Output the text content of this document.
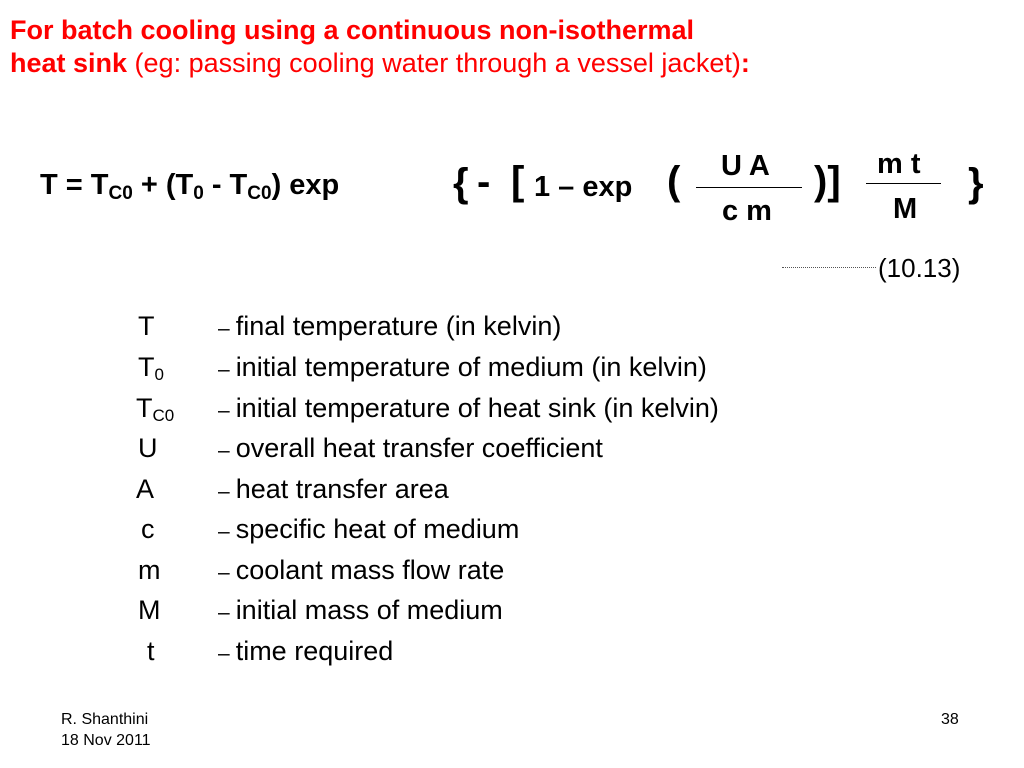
For batch cooling using a continuous non-isothermal
heat sink (eg: passing cooling water through a vessel jacket):
$T = T_{C0} + (T_0 - T_{C0})$ exp	{ - [ 1 – exp ( U A
c m
)] m t
M
}
(10.13)
T	– final temperature (in kelvin)
$T_0$	– initial temperature of medium (in kelvin)
$T_{C0}$ – initial temperature of heat sink (in kelvin)
U	– overall heat transfer coefficient
A	– heat transfer area
c	– specific heat of medium
m	– coolant mass flow rate
M	– initial mass of medium
t	– time required
R. Shanthini
18 Nov 2011
38
